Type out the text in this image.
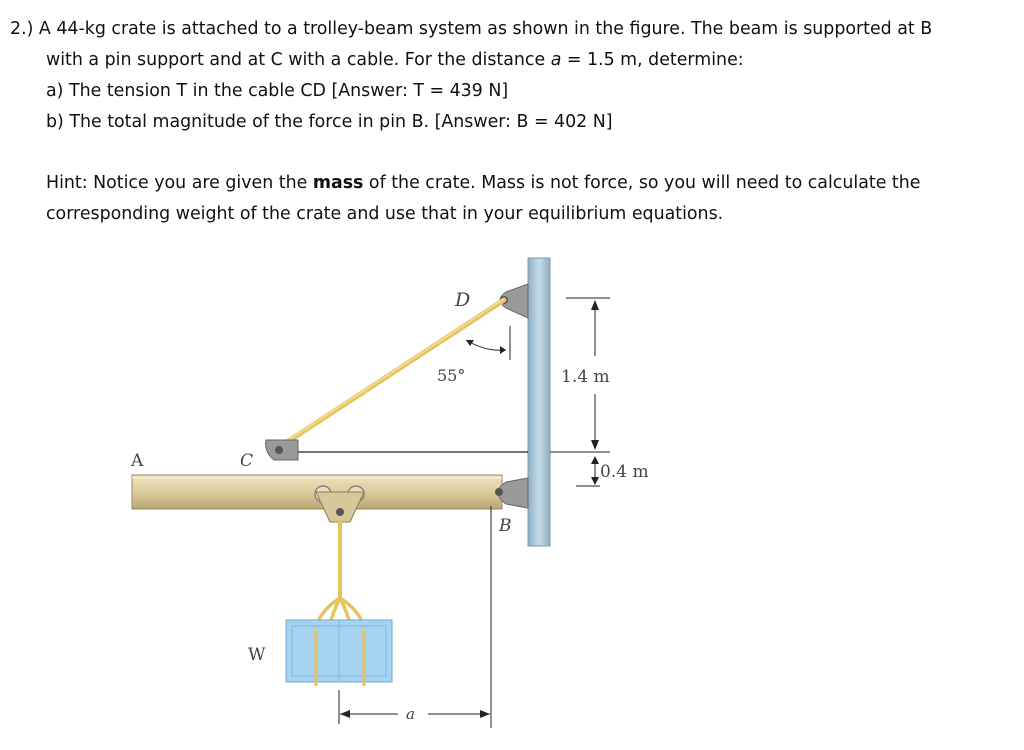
2.) A 44-kg crate is attached to a trolley-beam system as shown in the figure. The beam is supported at B
with a pin support and at C with a cable. For the distance a = 1.5 m, determine:
a) The tension T in the cable CD [Answer: T = 439 N]
b) The total magnitude of the force in pin B. [Answer: B = 402 N]
Hint: Notice you are given the mass of the crate. Mass is not force, so you will need to calculate the
corresponding weight of the crate and use that in your equilibrium equations.
A	C
D
B
W
a
55°	1.4 m
0.4 m
